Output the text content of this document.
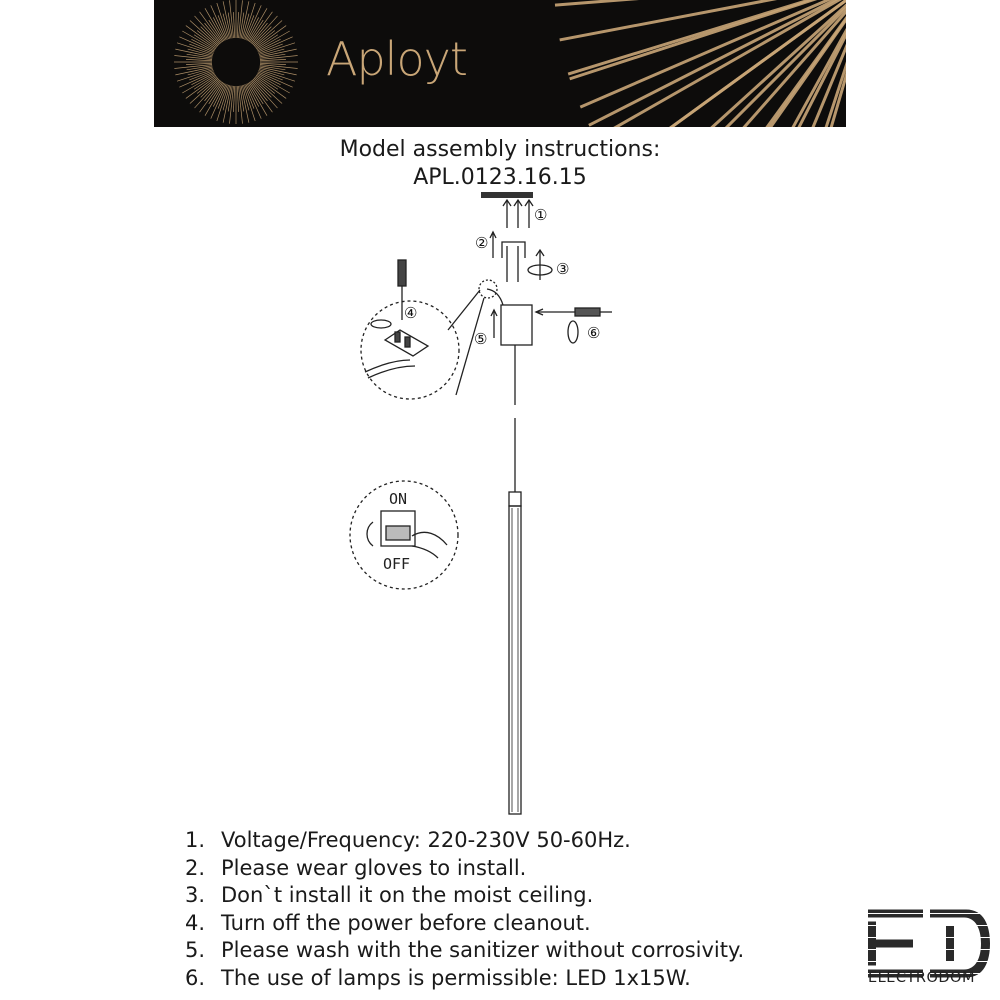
Aployt
Model assembly instructions:
APL.0123.16.15
①
②
③
④
⑤	⑥
ON
OFF
1. Voltage/Frequency: 220-230V 50-60Hz.
2. Please wear gloves to install.
3. Don`t install it on the moist ceiling.
4. Turn off the power before cleanout.
5. Please wash with the sanitizer without corrosivity.
6. The use of lamps is permissible: LED 1x15W.	ELECTRODOM
